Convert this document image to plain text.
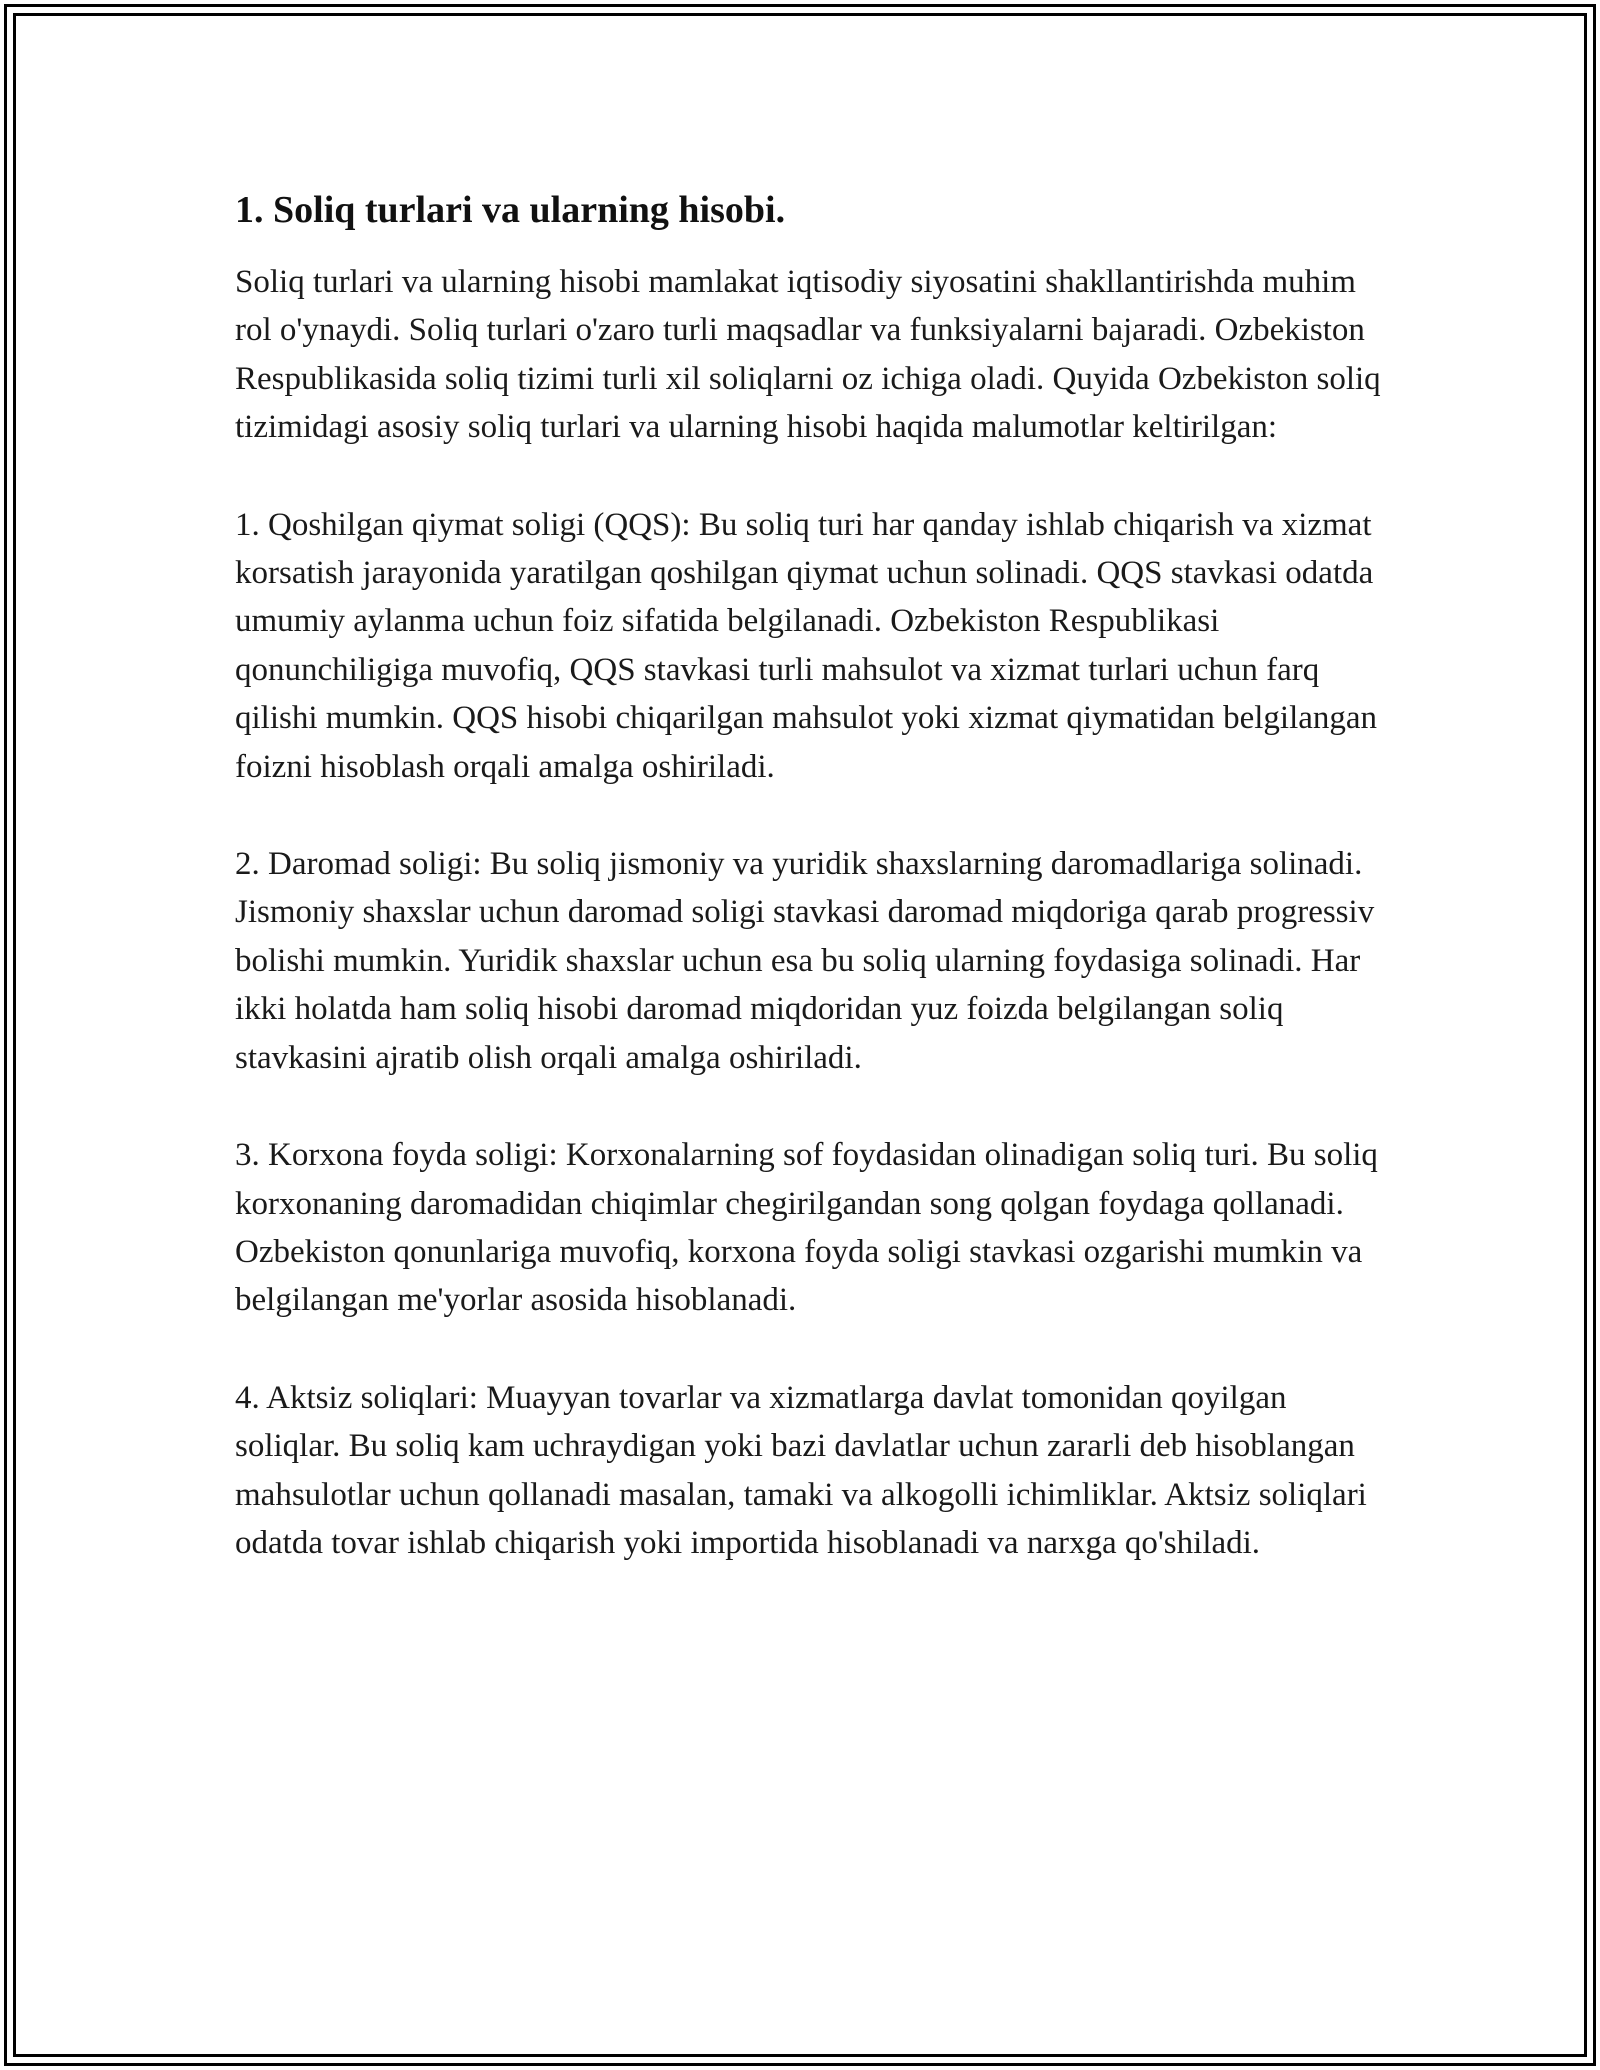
1. Soliq turlari va ularning hisobi.

Soliq turlari va ularning hisobi mamlakat iqtisodiy siyosatini shakllantirishda muhim rol o'ynaydi. Soliq turlari o'zaro turli maqsadlar va funksiyalarni bajaradi. Ozbekiston Respublikasida soliq tizimi turli xil soliqlarni oz ichiga oladi. Quyida Ozbekiston soliq tizimidagi asosiy soliq turlari va ularning hisobi haqida malumotlar keltirilgan:

1. Qoshilgan qiymat soligi (QQS): Bu soliq turi har qanday ishlab chiqarish va xizmat korsatish jarayonida yaratilgan qoshilgan qiymat uchun solinadi. QQS stavkasi odatda umumiy aylanma uchun foiz sifatida belgilanadi. Ozbekiston Respublikasi qonunchiligiga muvofiq, QQS stavkasi turli mahsulot va xizmat turlari uchun farq qilishi mumkin. QQS hisobi chiqarilgan mahsulot yoki xizmat qiymatidan belgilangan foizni hisoblash orqali amalga oshiriladi.

2. Daromad soligi: Bu soliq jismoniy va yuridik shaxslarning daromadlariga solinadi. Jismoniy shaxslar uchun daromad soligi stavkasi daromad miqdoriga qarab progressiv bolishi mumkin. Yuridik shaxslar uchun esa bu soliq ularning foydasiga solinadi. Har ikki holatda ham soliq hisobi daromad miqdoridan yuz foizda belgilangan soliq stavkasini ajratib olish orqali amalga oshiriladi.

3. Korxona foyda soligi: Korxonalarning sof foydasidan olinadigan soliq turi. Bu soliq korxonaning daromadidan chiqimlar chegirilgandan song qolgan foydaga qollanadi. Ozbekiston qonunlariga muvofiq, korxona foyda soligi stavkasi ozgarishi mumkin va belgilangan me'yorlar asosida hisoblanadi.

4. Aktsiz soliqlari: Muayyan tovarlar va xizmatlarga davlat tomonidan qoyilgan soliqlar. Bu soliq kam uchraydigan yoki bazi davlatlar uchun zararli deb hisoblangan mahsulotlar uchun qollanadi masalan, tamaki va alkogolli ichimliklar. Aktsiz soliqlari odatda tovar ishlab chiqarish yoki importida hisoblanadi va narxga qo'shiladi.
